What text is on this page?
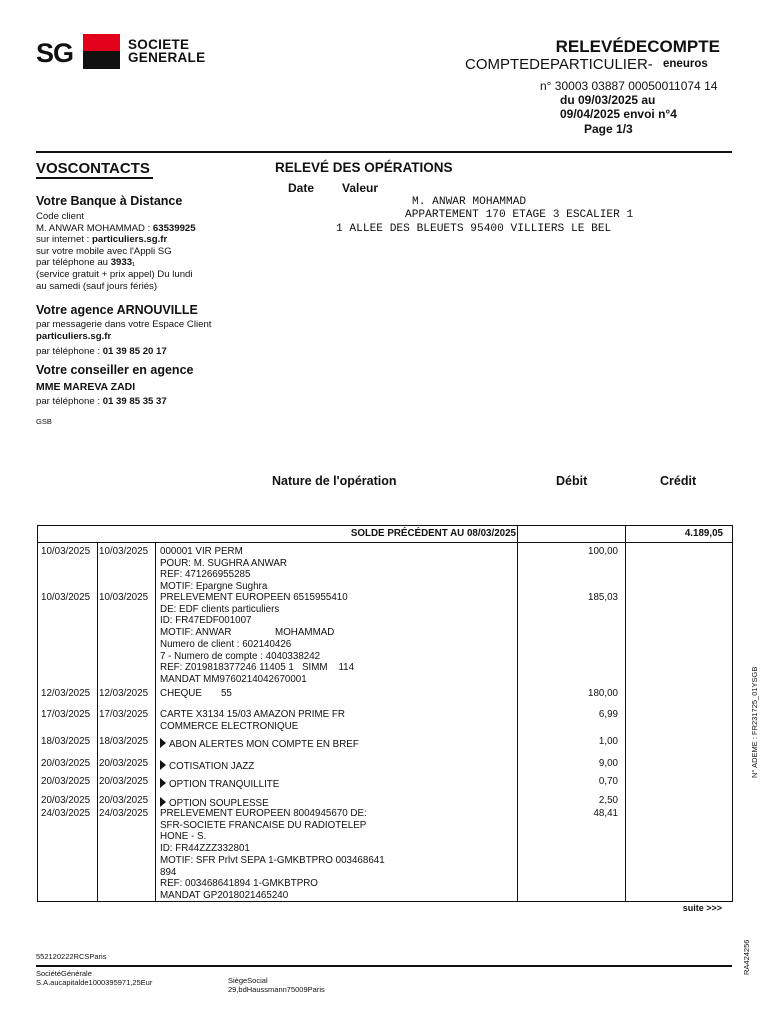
SG	SOCIETE
GENERALE
RELEVÉDECOMPTE
COMPTEDEPARTICULIER- eneuros
n° 30003 03887 00050011074 14
du 09/03/2025 au
09/04/2025 envoi n°4
Page 1/3
VOSCONTACTS
Votre Banque à Distance
Code client
M. ANWAR MOHAMMAD : 63539925
sur internet : particuliers.sg.fr
sur votre mobile avec l'Appli SG
par téléphone au 3933₁
(service gratuit + prix appel) Du lundi
au samedi (sauf jours fériés)
Votre agence ARNOUVILLE
par messagerie dans votre Espace Client
particuliers.sg.fr
par téléphone : 01 39 85 20 17
Votre conseiller en agence
MME MAREVA ZADI
par téléphone : 01 39 85 35 37
GSB
RELEVÉ DES OPÉRATIONS
Date Valeur
M. ANWAR MOHAMMAD
APPARTEMENT 170 ETAGE 3 ESCALIER 1
1 ALLEE DES BLEUETS 95400 VILLIERS LE BEL
Nature de l'opération	Débit	Crédit
SOLDE PRÉCÉDENT AU 08/03/2025	4.189,05
10/03/2025 10/03/2025 000001 VIR PERM
POUR: M. SUGHRA ANWAR
REF: 471266955285
MOTIF: Epargne Sughra
100,00
10/03/2025 10/03/2025 PRELEVEMENT EUROPEEN 6515955410
DE: EDF clients particuliers
ID: FR47EDF001007
MOTIF: ANWAR                MOHAMMAD
Numero de client : 602140426
7 - Numero de compte : 4040338242
REF: Z019818377246 11405 1   SIMM    114
MANDAT MM9760214042670001
185,03
12/03/2025 12/03/2025 CHEQUE       55	180,00
17/03/2025 17/03/2025 CARTE X3134 15/03 AMAZON PRIME FR
COMMERCE ELECTRONIQUE
6,99
18/03/2025 18/03/2025	ABON ALERTES MON COMPTE EN BREF	1,00
20/03/2025 20/03/2025	COTISATION JAZZ	9,00
20/03/2025 20/03/2025	OPTION TRANQUILLITE	0,70
20/03/2025 20/03/2025	OPTION SOUPLESSE	2,50
24/03/2025 24/03/2025 PRELEVEMENT EUROPEEN 8004945670 DE:
SFR-SOCIETE FRANCAISE DU RADIOTELEP
HONE - S.
ID: FR44ZZZ332801
MOTIF: SFR Prlvt SEPA 1-GMKBTPRO 003468641
894
REF: 003468641894 1-GMKBTPRO
MANDAT GP2018021465240
48,41
suite >>>
552120222RCSParis
SociétéGénérale
S.A.aucapitalde1000395971,25Eur	SiègeSocial
29,bdHaussmann75009Paris
N° ADEME : FR231725_01YSGB
RA424256
